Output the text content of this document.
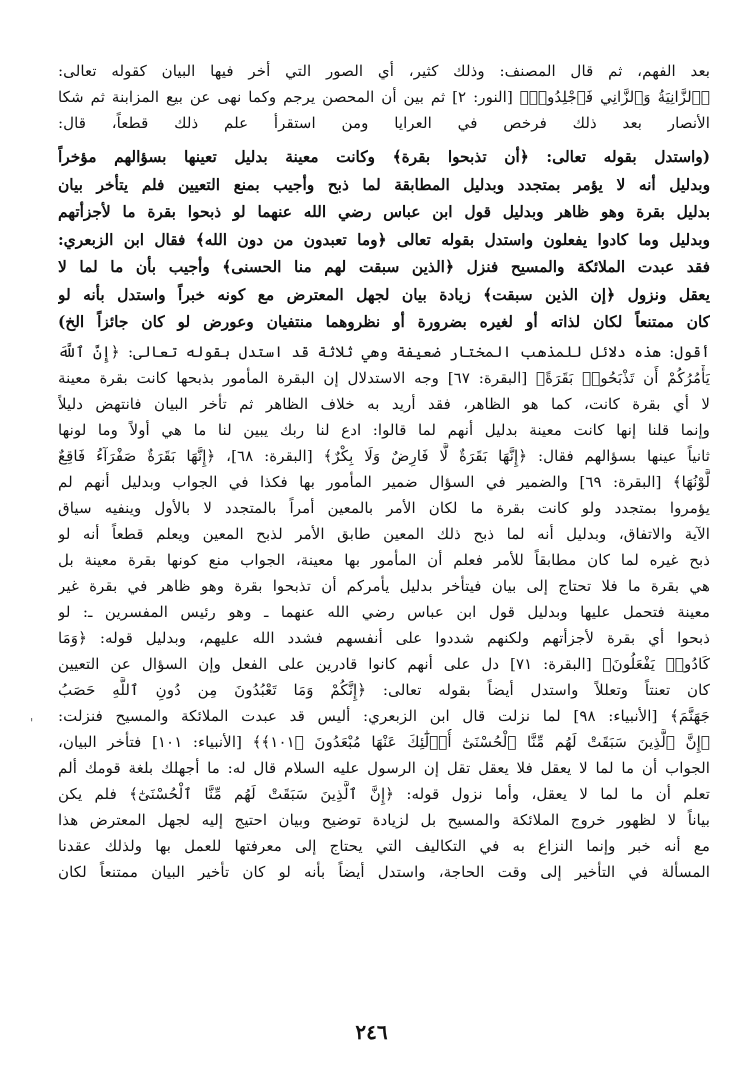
بعد الفهم، ثم قال المصنف: وذلك كثير، أي الصور التي أخر فيها البيان كقوله تعالى:
﴿ٱلزَّانِيَةُ وَٱلزَّانِي فَٱجْلِدُوا۟﴾ [النور: ٢] ثم بين أن المحصن يرجم وكما نهى عن بيع المزابنة ثم شكا
الأنصار بعد ذلك فرخص في العرايا ومن استقرأ علم ذلك قطعاً، قال:
(واستدل بقوله تعالى: ﴿أن تذبحوا بقرة﴾ وكانت معينة بدليل تعينها بسؤالهم مؤخراً
وبدليل أنه لا يؤمر بمتجدد وبدليل المطابقة لما ذبح وأجيب بمنع التعيين فلم يتأخر بيان
بدليل بقرة وهو ظاهر وبدليل قول ابن عباس رضي الله عنهما لو ذبحوا بقرة ما لأجزأتهم
وبدليل وما كادوا يفعلون واستدل بقوله تعالى ﴿وما تعبدون من دون الله﴾ فقال ابن الزبعري:
فقد عبدت الملائكة والمسيح فنزل ﴿الذين سبقت لهم منا الحسنى﴾ وأجيب بأن ما لما لا
يعقل ونزول ﴿إن الذين سبقت﴾ زيادة بيان لجهل المعترض مع كونه خبراً واستدل بأنه لو
كان ممتنعاً لكان لذاته أو لغيره بضرورة أو نظروهما منتفيان وعورض لو كان جائزاً الخ)
أقول: هذه دلائل للمذهب المختار ضعيفة وهي ثلاثة قد استدل بقوله تعالى: ﴿إِنَّ ٱللَّهَ
يَأْمُرُكُمْ أَن تَذْبَحُوا۟ بَقَرَةً﴾ [البقرة: ٦٧] وجه الاستدلال إن البقرة المأمور بذبحها كانت بقرة معينة
لا أي بقرة كانت، كما هو الظاهر، فقد أريد به خلاف الظاهر ثم تأخر البيان فانتهض دليلاً
وإنما قلنا إنها كانت معينة بدليل أنهم لما قالوا: ادع لنا ربك يبين لنا ما هي أولاً وما لونها
ثانياً عينها بسؤالهم فقال: ﴿إِنَّهَا بَقَرَةٌ لَّا فَارِضٌ وَلَا بِكْرٌ﴾ [البقرة: ٦٨]، ﴿إِنَّهَا بَقَرَةٌ صَفْرَآءُ فَاقِعٌ
لَّوْنُهَا﴾ [البقرة: ٦٩] والضمير في السؤال ضمير المأمور بها فكذا في الجواب وبدليل أنهم لم
يؤمروا بمتجدد ولو كانت بقرة ما لكان الأمر بالمعين أمراً بالمتجدد لا بالأول وينفيه سياق
الآية والاتفاق، وبدليل أنه لما ذبح ذلك المعين طابق الأمر لذبح المعين ويعلم قطعاً أنه لو
ذبح غيره لما كان مطابقاً للأمر فعلم أن المأمور بها معينة، الجواب منع كونها بقرة معينة بل
هي بقرة ما فلا تحتاج إلى بيان فيتأخر بدليل يأمركم أن تذبحوا بقرة وهو ظاهر في بقرة غير
معينة فتحمل عليها وبدليل قول ابن عباس رضي الله عنهما ـ وهو رئيس المفسرين ـ: لو
ذبحوا أي بقرة لأجزأتهم ولكنهم شددوا على أنفسهم فشدد الله عليهم، وبدليل قوله: ﴿وَمَا
كَادُوا۟ يَفْعَلُونَ﴾ [البقرة: ٧١] دل على أنهم كانوا قادرين على الفعل وإن السؤال عن التعيين
كان تعنتاً وتعللاً واستدل أيضاً بقوله تعالى: ﴿إِنَّكُمْ وَمَا تَعْبُدُونَ مِن دُونِ ٱللَّهِ حَصَبُ
جَهَنَّمَ﴾ [الأنبياء: ٩٨] لما نزلت قال ابن الزبعري: أليس قد عبدت الملائكة والمسيح فنزلت:
﴿إِنَّ ٱلَّذِينَ سَبَقَتْ لَهُم مِّنَّا ٱلْحُسْنَىٰٓ أُو۟لَٰٓئِكَ عَنْهَا مُبْعَدُونَ ﴿١٠١﴾﴾ [الأنبياء: ١٠١] فتأخر البيان،
الجواب أن ما لما لا يعقل فلا يعقل تقل إن الرسول عليه السلام قال له: ما أجهلك بلغة قومك ألم
تعلم أن ما لما لا يعقل، وأما نزول قوله: ﴿إِنَّ ٱلَّذِينَ سَبَقَتْ لَهُم مِّنَّا ٱلْحُسْنَىٰٓ﴾ فلم يكن
بياناً لا لظهور خروج الملائكة والمسيح بل لزيادة توضيح وبيان احتيج إليه لجهل المعترض هذا
مع أنه خبر وإنما النزاع به في التكاليف التي يحتاج إلى معرفتها للعمل بها ولذلك عقدنا
المسألة في التأخير إلى وقت الحاجة، واستدل أيضاً بأنه لو كان تأخير البيان ممتنعاً لكان
'
٢٤٦
